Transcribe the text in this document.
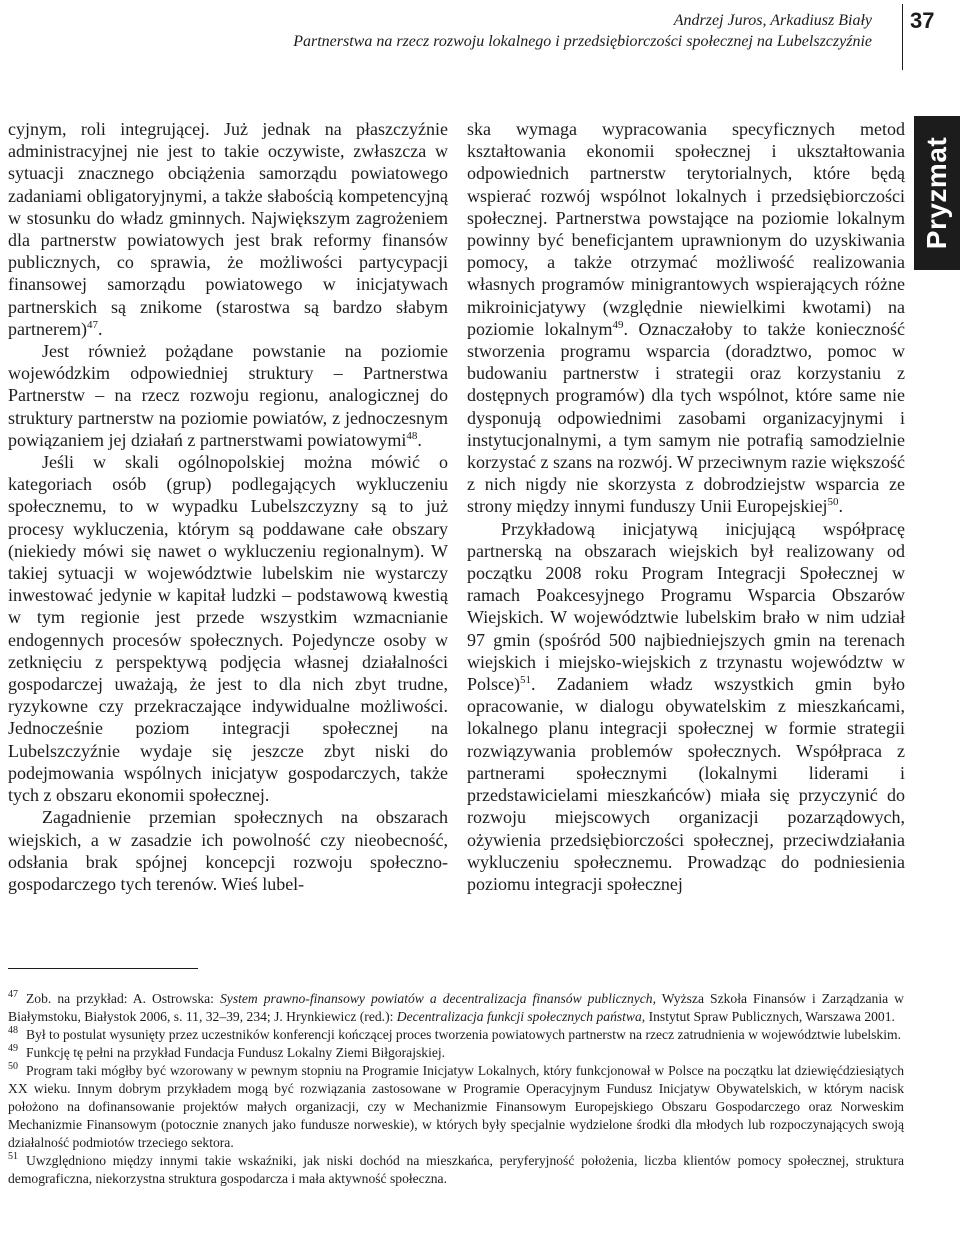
Andrzej Juros, Arkadiusz Biały
Partnerstwa na rzecz rozwoju lokalnego i przedsiębiorczości społecznej na Lubelszczyźnie
37
Pryzmat

cyjnym, roli integrującej. Już jednak na płaszczyźnie administracyjnej nie jest to takie oczywiste, zwłaszcza w sytuacji znacznego obciążenia samorządu powiatowego zadaniami obligatoryjnymi, a także słabością kompetencyjną w stosunku do władz gminnych. Największym zagrożeniem dla partnerstw powiatowych jest brak reformy finansów publicznych, co sprawia, że możliwości partycypacji finansowej samorządu powiatowego w inicjatywach partnerskich są znikome (starostwa są bardzo słabym partnerem)$^{47}$.

Jest również pożądane powstanie na poziomie wojewódzkim odpowiedniej struktury – Partnerstwa Partnerstw – na rzecz rozwoju regionu, analogicznej do struktury partnerstw na poziomie powiatów, z jednoczesnym powiązaniem jej działań z partnerstwami powiatowymi$^{48}$.

Jeśli w skali ogólnopolskiej można mówić o kategoriach osób (grup) podlegających wykluczeniu społecznemu, to w wypadku Lubelszczyzny są to już procesy wykluczenia, którym są poddawane całe obszary (niekiedy mówi się nawet o wykluczeniu regionalnym). W takiej sytuacji w województwie lubelskim nie wystarczy inwestować jedynie w kapitał ludzki – podstawową kwestią w tym regionie jest przede wszystkim wzmacnianie endogennych procesów społecznych. Pojedyncze osoby w zetknięciu z perspektywą podjęcia własnej działalności gospodarczej uważają, że jest to dla nich zbyt trudne, ryzykowne czy przekraczające indywidualne możliwości. Jednocześnie poziom integracji społecznej na Lubelszczyźnie wydaje się jeszcze zbyt niski do podejmowania wspólnych inicjatyw gospodarczych, także tych z obszaru ekonomii społecznej.

Zagadnienie przemian społecznych na obszarach wiejskich, a w zasadzie ich powolność czy nieobecność, odsłania brak spójnej koncepcji rozwoju społeczno-gospodarczego tych terenów. Wieś lubel-

ska wymaga wypracowania specyficznych metod kształtowania ekonomii społecznej i ukształtowania odpowiednich partnerstw terytorialnych, które będą wspierać rozwój wspólnot lokalnych i przedsiębiorczości społecznej. Partnerstwa powstające na poziomie lokalnym powinny być beneficjantem uprawnionym do uzyskiwania pomocy, a także otrzymać możliwość realizowania własnych programów minigrantowych wspierających różne mikroinicjatywy (względnie niewielkimi kwotami) na poziomie lokalnym$^{49}$. Oznaczałoby to także konieczność stworzenia programu wsparcia (doradztwo, pomoc w budowaniu partnerstw i strategii oraz korzystaniu z dostępnych programów) dla tych wspólnot, które same nie dysponują odpowiednimi zasobami organizacyjnymi i instytucjonalnymi, a tym samym nie potrafią samodzielnie korzystać z szans na rozwój. W przeciwnym razie większość z nich nigdy nie skorzysta z dobrodziejstw wsparcia ze strony między innymi funduszy Unii Europejskiej$^{50}$.

Przykładową inicjatywą inicjującą współpracę partnerską na obszarach wiejskich był realizowany od początku 2008 roku Program Integracji Społecznej w ramach Poakcesyjnego Programu Wsparcia Obszarów Wiejskich. W województwie lubelskim brało w nim udział 97 gmin (spośród 500 najbiedniejszych gmin na terenach wiejskich i miejsko-wiejskich z trzynastu województw w Polsce)$^{51}$. Zadaniem władz wszystkich gmin było opracowanie, w dialogu obywatelskim z mieszkańcami, lokalnego planu integracji społecznej w formie strategii rozwiązywania problemów społecznych. Współpraca z partnerami społecznymi (lokalnymi liderami i przedstawicielami mieszkańców) miała się przyczynić do rozwoju miejscowych organizacji pozarządowych, ożywienia przedsiębiorczości społecznej, przeciwdziałania wykluczeniu społecznemu. Prowadząc do podniesienia poziomu integracji społecznej

47 Zob. na przykład: A. Ostrowska: System prawno-finansowy powiatów a decentralizacja finansów publicznych, Wyższa Szkoła Finansów i Zarządzania w Białymstoku, Białystok 2006, s. 11, 32–39, 234; J. Hrynkiewicz (red.): Decentralizacja funkcji społecznych państwa, Instytut Spraw Publicznych, Warszawa 2001.

48 Był to postulat wysunięty przez uczestników konferencji kończącej proces tworzenia powiatowych partnerstw na rzecz zatrudnienia w województwie lubelskim.

49 Funkcję tę pełni na przykład Fundacja Fundusz Lokalny Ziemi Biłgorajskiej.

50 Program taki mógłby być wzorowany w pewnym stopniu na Programie Inicjatyw Lokalnych, który funkcjonował w Polsce na początku lat dziewięćdziesiątych XX wieku. Innym dobrym przykładem mogą być rozwiązania zastosowane w Programie Operacyjnym Fundusz Inicjatyw Obywatelskich, w którym nacisk położono na dofinansowanie projektów małych organizacji, czy w Mechanizmie Finansowym Europejskiego Obszaru Gospodarczego oraz Norweskim Mechanizmie Finansowym (potocznie znanych jako fundusze norweskie), w których były specjalnie wydzielone środki dla młodych lub rozpoczynających swoją działalność podmiotów trzeciego sektora.

51 Uwzględniono między innymi takie wskaźniki, jak niski dochód na mieszkańca, peryferyjność położenia, liczba klientów pomocy społecznej, struktura demograficzna, niekorzystna struktura gospodarcza i mała aktywność społeczna.
